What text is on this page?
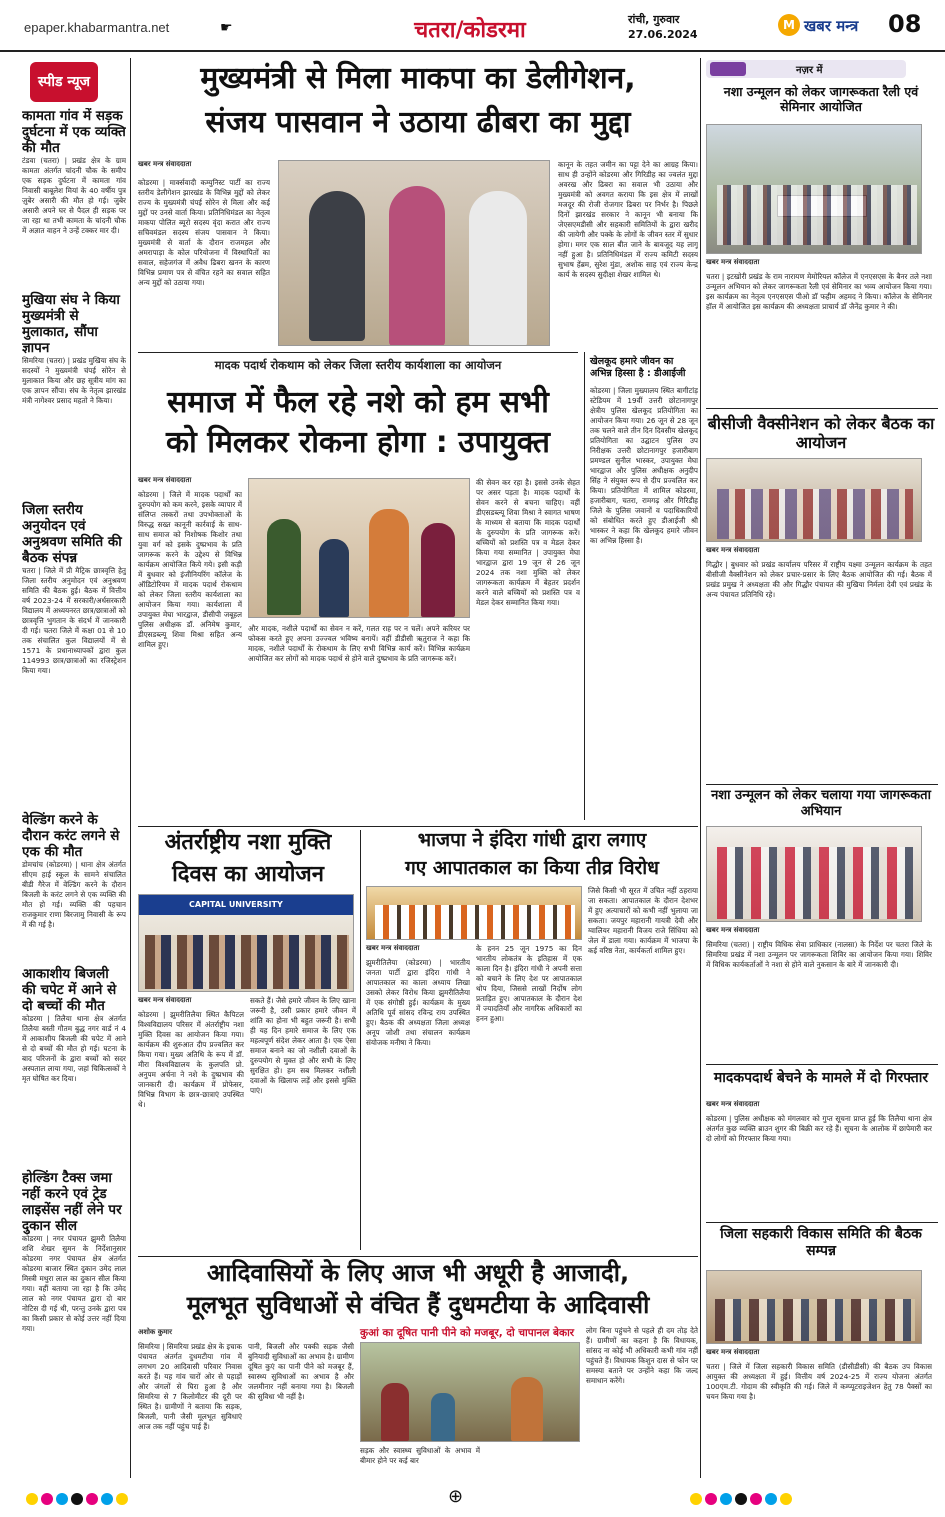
epaper.khabarmantra.net	☛	चतरा/कोडरमा	रांची, गुरुवार
27.06.2024
M खबर मन्त्र 08
स्पीड न्यूज
कामता गांव में सड़क दुर्घटना में एक व्यक्ति की मौत
टंडवा (चतरा) | प्रखंड क्षेत्र के ग्राम कामता अंतर्गत चांदनी चौक के समीप एक सड़क दुर्घटना में कामता गांव निवासी बाबूलेश मियां के 40 वर्षीय पुत्र ज़ुबेर असारी की मौत हो गई। जुबेर असारी अपने घर से पैदल ही सड़क पर जा रहा था तभी कामता के चांदनी चौक में अज्ञात वाहन ने उन्हें टक्कर मार दी।
मुखिया संघ ने किया मुख्यमंत्री से मुलाकात, सौंपा ज्ञापन
सिमरिया (चतरा) | प्रखंड मुखिया संघ के सदस्यों ने मुख्यमंत्री चंपई सोरेन से मुलाकात किया और छह सूत्रीय मांग का एक ज्ञापन सौंपा। संघ के नेतृत्व झारखंड मंत्री नागेश्वर प्रसाद महतो ने किया।
जिला स्तरीय अनुयोदन एवं अनुश्रवण समिति की बैठक संपन्न
चतरा | जिले में प्री मैट्रिक छात्रवृत्ति हेतु जिला स्तरीय अनुमोदन एवं अनुश्रवण समिति की बैठक हुई। बैठक में वित्तीय वर्ष 2023-24 में सरकारी/अर्धसरकारी विद्यालय में अध्ययनरत छात्र/छात्राओं को छात्रवृत्ति भुगतान के संदर्भ में जानकारी दी गई। चतरा जिले में कक्षा 01 से 10 तक संचालित कुल विद्यालयों में से 1571 के प्रधानाध्यापकों द्वारा कुल 114993 छात्र/छात्राओं का रजिस्ट्रेशन किया गया।
वेल्डिंग करने के दौरान करंट लगने से एक की मौत
डोमचांच (कोडरमा) | थाना क्षेत्र अंतर्गत सीएम हाई स्कूल के सामने संचालित बीडी गैरेज में वेल्डिंग करने के दौरान बिजली के करंट लगने से एक व्यक्ति की मौत हो गई। व्यक्ति की पहचान राजकुमार राणा बिरजामु निवासी के रूप में की गई है।
आकाशीय बिजली की चपेट में आने से दो बच्चों की मौत
कोडरमा | तिलैया थाना क्षेत्र अंतर्गत तिलैया बस्ती गौतम बुद्ध नगर वार्ड नं 4 में आकाशीय बिजली की चपेट में आने से दो बच्चों की मौत हो गई। घटना के बाद परिजनों के द्वारा बच्चों को सदर अस्पताल लाया गया, जहां चिकित्सकों ने मृत घोषित कर दिया।
होल्डिंग टैक्स जमा नहीं करने एवं ट्रेड लाइसेंस नहीं लेने पर दुकान सील
कोडरमा | नगर पंचायत झुमरी तिलैया शशि शेखर सुमन के निर्देशानुसार कोडरमा नगर पंचायत क्षेत्र अंतर्गत कोडरमा बाजार स्थित दुकान उमेद लाल मिस्त्री मथुरा लाल का दुकान सील किया गया। वहीं बताया जा रहा है कि उमेद लाल को नगर पंचायत द्वारा दो बार नोटिस दी गई थी, परन्तु उनके द्वारा पत्र का किसी प्रकार से कोई उत्तर नहीं दिया गया।
मुख्यमंत्री से मिला माकपा का डेलीगेशन,
संजय पासवान ने उठाया ढीबरा का मुद्दा
खबर मन्त्र संवाददाता
कोडरमा | मार्क्सवादी कम्युनिस्ट पार्टी का राज्य स्तरीय डेलीगेशन झारखंड के विभिन्न मुद्दों को लेकर राज्य के मुख्यमंत्री चंपई सोरेन से मिला और कई मुद्दों पर उनसे वार्ता किया। प्रतिनिधिमंडल का नेतृत्व माकपा पोलित ब्यूरो सदस्य वृंदा करात और राज्य सचिवमंडल सदस्य संजय पासवान ने किया। मुख्यमंत्री से वार्ता के दौरान राजमहल और अमरापाड़ा के कोल परियोजना में विस्थापितों का सवाल, सहेजगंज में अवैध ढिबरा खनन के कारण विभिन्न प्रमाण पत्र से वंचित रहने का सवाल सहित अन्य मुद्दों को उठाया गया।
कानून के तहत जमीन का पट्टा देने का आग्रह किया। साथ ही उन्होंने कोडरमा और गिरिडीह का ज्वलंत मुद्दा अवरख और ढिबरा का सवाल भी उठाया और मुख्यमंत्री को अवगत कराया कि इस क्षेत्र में लाखों मजदूर की रोजी रोजगार ढिबरा पर निर्भर है। पिछले दिनों झारखंड सरकार ने कानून भी बनाया कि जेएसएमडीसी और सहकारी समितियों के द्वारा खरीद की जायेगी और पक्के के लोगों के जीवन स्तर में सुधार होगा। मगर एक साल बीत जाने के बावजूद यह लागू नहीं हुआ है। प्रतिनिधिमंडल में राज्य कमिटी सदस्य सुभाष हेंब्रम, सुरेश मुंडा, अशोक साह एवं राज्य केन्द्र कार्य के सदस्य सुदीक्षा शेखर शामिल थे।
मादक पदार्थ रोकथाम को लेकर जिला स्तरीय कार्यशाला का आयोजन
समाज में फैल रहे नशे को हम सभी
को मिलकर रोकना होगा : उपायुक्त
खबर मन्त्र संवाददाता
कोडरमा | जिले में मादक पदार्थों का दुरुपयोग को कम करने, इसके व्यापार में संलिप्त तस्करों तथा उपभोक्ताओं के विरुद्ध सख्त कानूनी कार्रवाई के साथ-साथ समाज को निशोषक किशोर तथा युवा वर्ग को इसके दुष्प्रभाव के प्रति जागरूक करने के उद्देश्य से विभिन्न कार्यक्रम आयोजित किये गये। इसी कड़ी में बुधवार को इंजीनियरिंग कॉलेज के ऑडिटोरियम में मादक पदार्थ रोकथाम को लेकर जिला स्तरीय कार्यशाला का आयोजन किया गया। कार्यशाला में उपायुक्त मेघा भारद्वाज, डीसीपी जबूहल पुलिस अधीक्षक डॉ. अनिमेष कुमार, डीएसडब्ल्यू शिवा मिश्रा सहित अन्य शामिल हुए।
और मादक, नशीले पदार्थों का सेवन न करें, गलत राह पर न चलें। अपने करियर पर फोकस करते हुए अपना उज्ज्वल भविष्य बनायें। वहीं डीडीसी ऋतुराज ने कहा कि मादक, नशीले पदार्थों के रोकथाम के लिए सभी विभिन्न कार्य करें। विभिन्न कार्यक्रम आयोजित कर लोगों को मादक पदार्थ से होने वाले दुष्प्रभाव के प्रति जागरूक करें।
की सेवन कर रहा है। इससे उनके सेहत पर असर पड़ता है। मादक पदार्थों के सेवन करने से बचना चाहिए। वहीं डीएसडब्ल्यू शिवा मिश्रा ने स्वागत भाषण के माध्यम से बताया कि मादक पदार्थों के दुरुपयोग के प्रति जागरूक करें। बच्चियों को प्रशस्ति पत्र व मेडल देकर किया गया सम्मानित | उपायुक्त मेघा भारद्वाज द्वारा 19 जून से 26 जून 2024 तक नशा मुक्ति को लेकर जागरूकता कार्यक्रम में बेहतर प्रदर्शन करने वाले बच्चियों को प्रशस्ति पत्र व मेडल देकर सम्मानित किया गया।
खेलकूद हमारे जीवन का अभिन्न हिस्सा है : डीआईजी
कोडरमा | जिला मुख्यालय स्थित बागीटांड़ स्टेडियम में 19वीं उत्तरी छोटानागपुर क्षेत्रीय पुलिस खेलकूद प्रतियोगिता का आयोजन किया गया। 26 जून से 28 जून तक चलने वाले तीन दिन दिवसीय खेलकूद प्रतियोगिता का उद्घाटन पुलिस उप निरीक्षक उत्तरी छोटानागपुर हजारीबाग प्रमण्डल सुनील भास्कर, उपायुक्त मेघा भारद्वाज और पुलिस अधीक्षक अनुदीप सिंह ने संयुक्त रूप से दीप प्रज्वलित कर किया। प्रतियोगिता में शामिल कोडरमा, हजारीबाग, चतरा, रामगढ़ और गिरिडीह जिले के पुलिस जवानों व पदाधिकारियों को संबोधित करते हुए डीआईजी श्री भास्कर ने कहा कि खेलकूद हमारे जीवन का अभिन्न हिस्सा है।
अंतर्राष्ट्रीय नशा मुक्ति
दिवस का आयोजन
CAPITAL UNIVERSITY
खबर मन्त्र संवाददाता
कोडरमा | झुमरीतिलैया स्थित कैपिटल विश्वविद्यालय परिसर में अंतर्राष्ट्रीय नशा मुक्ति दिवस का आयोजन किया गया। कार्यक्रम की शुरुआत दीप प्रज्वलित कर किया गया। मुख्य अतिथि के रूप में डॉ. मीरा विश्वविद्यालय के कुलपति प्रो. अनुपम अर्चना ने नशे के दुष्प्रभाव की जानकारी दी। कार्यक्रम में प्रोफेसर, विभिन्न विभाग के छात्र-छात्राएं उपस्थित थे।
सकते हैं। जैसे हमारे जीवन के लिए खाना जरूरी है, उसी प्रकार हमारे जीवन में शांति का होना भी बहुत जरूरी है। सभी ही यह दिन हमारे समाज के लिए एक महत्वपूर्ण संदेश लेकर आता है। एक ऐसा समाज बनाने का जो नशीली दवाओं के दुरुपयोग से मुक्त हो और सभी के लिए सुरक्षित हो। हम सब मिलकर नशीली दवाओं के खिलाफ लड़ें और इससे मुक्ति पाएं।
भाजपा ने इंदिरा गांधी द्वारा लगाए
गए आपातकाल का किया तीव्र विरोध
खबर मन्त्र संवाददाता
झुमरीतिलैया (कोडरमा) | भारतीय जनता पार्टी द्वारा इंदिरा गांधी ने आपातकाल का काला अध्याय लिखा उसको लेकर विरोध किया झुमरीतिलैया में एक संगोष्ठी हुई। कार्यक्रम के मुख्य अतिथि पूर्व सांसद रविन्द्र राय उपस्थित हुए। बैठक की अध्यक्षता जिला अध्यक्ष अनूप जोशी तथा संचालन कार्यक्रम संयोजक मनीषा ने किया।
के हनन 25 जून 1975 का दिन भारतीय लोकतंत्र के इतिहास में एक काला दिन है। इंदिरा गांधी ने अपनी सत्ता को बचाने के लिए देश पर आपातकाल थोप दिया, जिससे लाखों निर्दोष लोग प्रताड़ित हुए। आपातकाल के दौरान देश में ज्यादतियाँ और नागरिक अधिकारों का हनन हुआ।
जिसे किसी भी सूरत में उचित नहीं ठहराया जा सकता। आपातकाल के दौरान देशभर में हुए अत्याचारों को कभी नहीं भुलाया जा सकता। जयपुर महारानी गायत्री देवी और ग्वालियर महारानी विजय राजे सिंधिया को जेल में डाला गया। कार्यक्रम में भाजपा के कई वरिष्ठ नेता, कार्यकर्ता शामिल हुए।
आदिवासियों के लिए आज भी अधूरी है आजादी,
मूलभूत सुविधाओं से वंचित हैं दुधमटीया के आदिवासी
अशोक कुमार
सिमरिया | सिमरिया प्रखंड क्षेत्र के इचाक पंचायत अंतर्गत दुधमटीया गांव में लगभग 20 आदिवासी परिवार निवास करते हैं। यह गांव चारों ओर से पहाड़ों और जंगलों से घिरा हुआ है और सिमरिया से 7 किलोमीटर की दूरी पर स्थित है। ग्रामीणों ने बताया कि सड़क, बिजली, पानी जैसी मूलभूत सुविधाएं आज तक नहीं पहुंच पाई हैं।
पानी, बिजली और पक्की सड़क जैसी बुनियादी सुविधाओं का अभाव है। ग्रामीण दूषित कुएं का पानी पीने को मजबूर हैं, स्वास्थ्य सुविधाओं का अभाव है और जलमीनार नहीं बनाया गया है। बिजली की सुविधा भी नहीं है।
कुआं का दूषित पानी पीने को मजबूर, दो चापानल बेकार
सड़क और स्वास्थ्य सुविधाओं के अभाव में बीमार होने पर कई बार
लोग बिना पहुंचने से पहले ही दम तोड़ देते हैं। ग्रामीणों का कहना है कि विधायक, सांसद ना कोई भी अधिकारी कभी गांव नहीं पहुंचते हैं। विधायक किशुन दास से फोन पर समस्या बताने पर उन्होंने कहा कि जल्द समाधान करेंगे।
नज़र में
नशा उन्मूलन को लेकर जागरूकता रैली एवं सेमिनार आयोजित
खबर मन्त्र संवाददाता
चतरा | इटखोरी प्रखंड के राम नारायण मेमोरियल कॉलेज में एनएसएस के बैनर तले नशा उन्मूलन अभियान को लेकर जागरूकता रैली एवं सेमिनार का भव्य आयोजन किया गया। इस कार्यक्रम का नेतृत्व एनएसएस पीओ डॉ फहीम अहमद ने किया। कॉलेज के सेमिनार हॉल में आयोजित इस कार्यक्रम की अध्यक्षता प्राचार्य डॉ जैनेंद्र कुमार ने की।
बीसीजी वैक्सीनेशन को लेकर बैठक का आयोजन
खबर मन्त्र संवाददाता
गिद्धौर | बुधवार को प्रखंड कार्यालय परिसर में राष्ट्रीय यक्ष्मा उन्मूलन कार्यक्रम के तहत बीसीजी वैक्सीनेशन को लेकर प्रचार-प्रसार के लिए बैठक आयोजित की गई। बैठक में प्रखंड प्रमुख ने अध्यक्षता की और गिद्धौर पंचायत की मुखिया निर्मला देवी एवं प्रखंड के अन्य पंचायत प्रतिनिधि रहे।
नशा उन्मूलन को लेकर चलाया गया जागरूकता अभियान
खबर मन्त्र संवाददाता
सिमरिया (चतरा) | राष्ट्रीय विधिक सेवा प्राधिकार (नालसा) के निर्देश पर चतरा जिले के सिमरिया प्रखंड में नशा उन्मूलन पर जागरूकता शिविर का आयोजन किया गया। शिविर में विधिक कार्यकर्ताओं ने नशा से होने वाले नुकसान के बारे में जानकारी दी।
मादकपदार्थ बेचने के मामले में दो गिरफ्तार
खबर मन्त्र संवाददाता
कोडरमा | पुलिस अधीक्षक को मंगलवार को गुप्त सूचना प्राप्त हुई कि तिलैया थाना क्षेत्र अंतर्गत कुछ व्यक्ति ब्राउन शुगर की बिक्री कर रहे हैं। सूचना के आलोक में छापेमारी कर दो लोगों को गिरफ्तार किया गया।
जिला सहकारी विकास समिति की बैठक सम्पन्न
खबर मन्त्र संवाददाता
चतरा | जिले में जिला सहकारी विकास समिति (डीसीडीसी) की बैठक उप विकास आयुक्त की अध्यक्षता में हुई। वित्तीय वर्ष 2024-25 में राज्य योजना अंतर्गत 100एम.टी. गोदाम की स्वीकृति की गई। जिले में कम्प्यूटराइजेशन हेतु 78 पैक्सों का चयन किया गया है।
⊕
